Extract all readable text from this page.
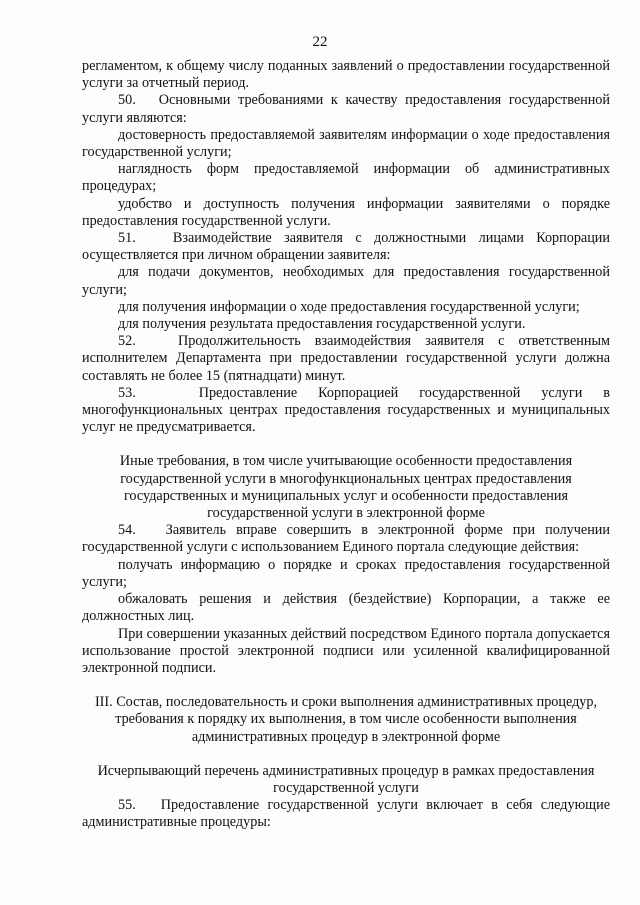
22

регламентом, к общему числу поданных заявлений о предоставлении государственной услуги за отчетный период.

50.   Основными требованиями к качеству предоставления государственной услуги являются:

достоверность предоставляемой заявителям информации о ходе предоставления государственной услуги;

наглядность форм предоставляемой информации об административных процедурах;

удобство и доступность получения информации заявителями о порядке предоставления государственной услуги.

51.   Взаимодействие заявителя с должностными лицами Корпорации осуществляется при личном обращении заявителя:

для подачи документов, необходимых для предоставления государственной услуги;

для получения информации о ходе предоставления государственной услуги;

для получения результата предоставления государственной услуги.

52.   Продолжительность взаимодействия заявителя с ответственным исполнителем Департамента при предоставлении государственной услуги должна составлять не более 15 (пятнадцати) минут.

53.   Предоставление Корпорацией государственной услуги в многофункциональных центрах предоставления государственных и муниципальных услуг не предусматривается.

Иные требования, в том числе учитывающие особенности предоставления государственной услуги в многофункциональных центрах предоставления государственных и муниципальных услуг и особенности предоставления государственной услуги в электронной форме

54.   Заявитель вправе совершить в электронной форме при получении государственной услуги с использованием Единого портала следующие действия:

получать информацию о порядке и сроках предоставления государственной услуги;

обжаловать решения и действия (бездействие) Корпорации, а также ее должностных лиц.

При совершении указанных действий посредством Единого портала допускается использование простой электронной подписи или усиленной квалифицированной электронной подписи.

III. Состав, последовательность и сроки выполнения административных процедур, требования к порядку их выполнения, в том числе особенности выполнения административных процедур в электронной форме

Исчерпывающий перечень административных процедур в рамках предоставления государственной услуги

55.   Предоставление государственной услуги включает в себя следующие административные процедуры:
